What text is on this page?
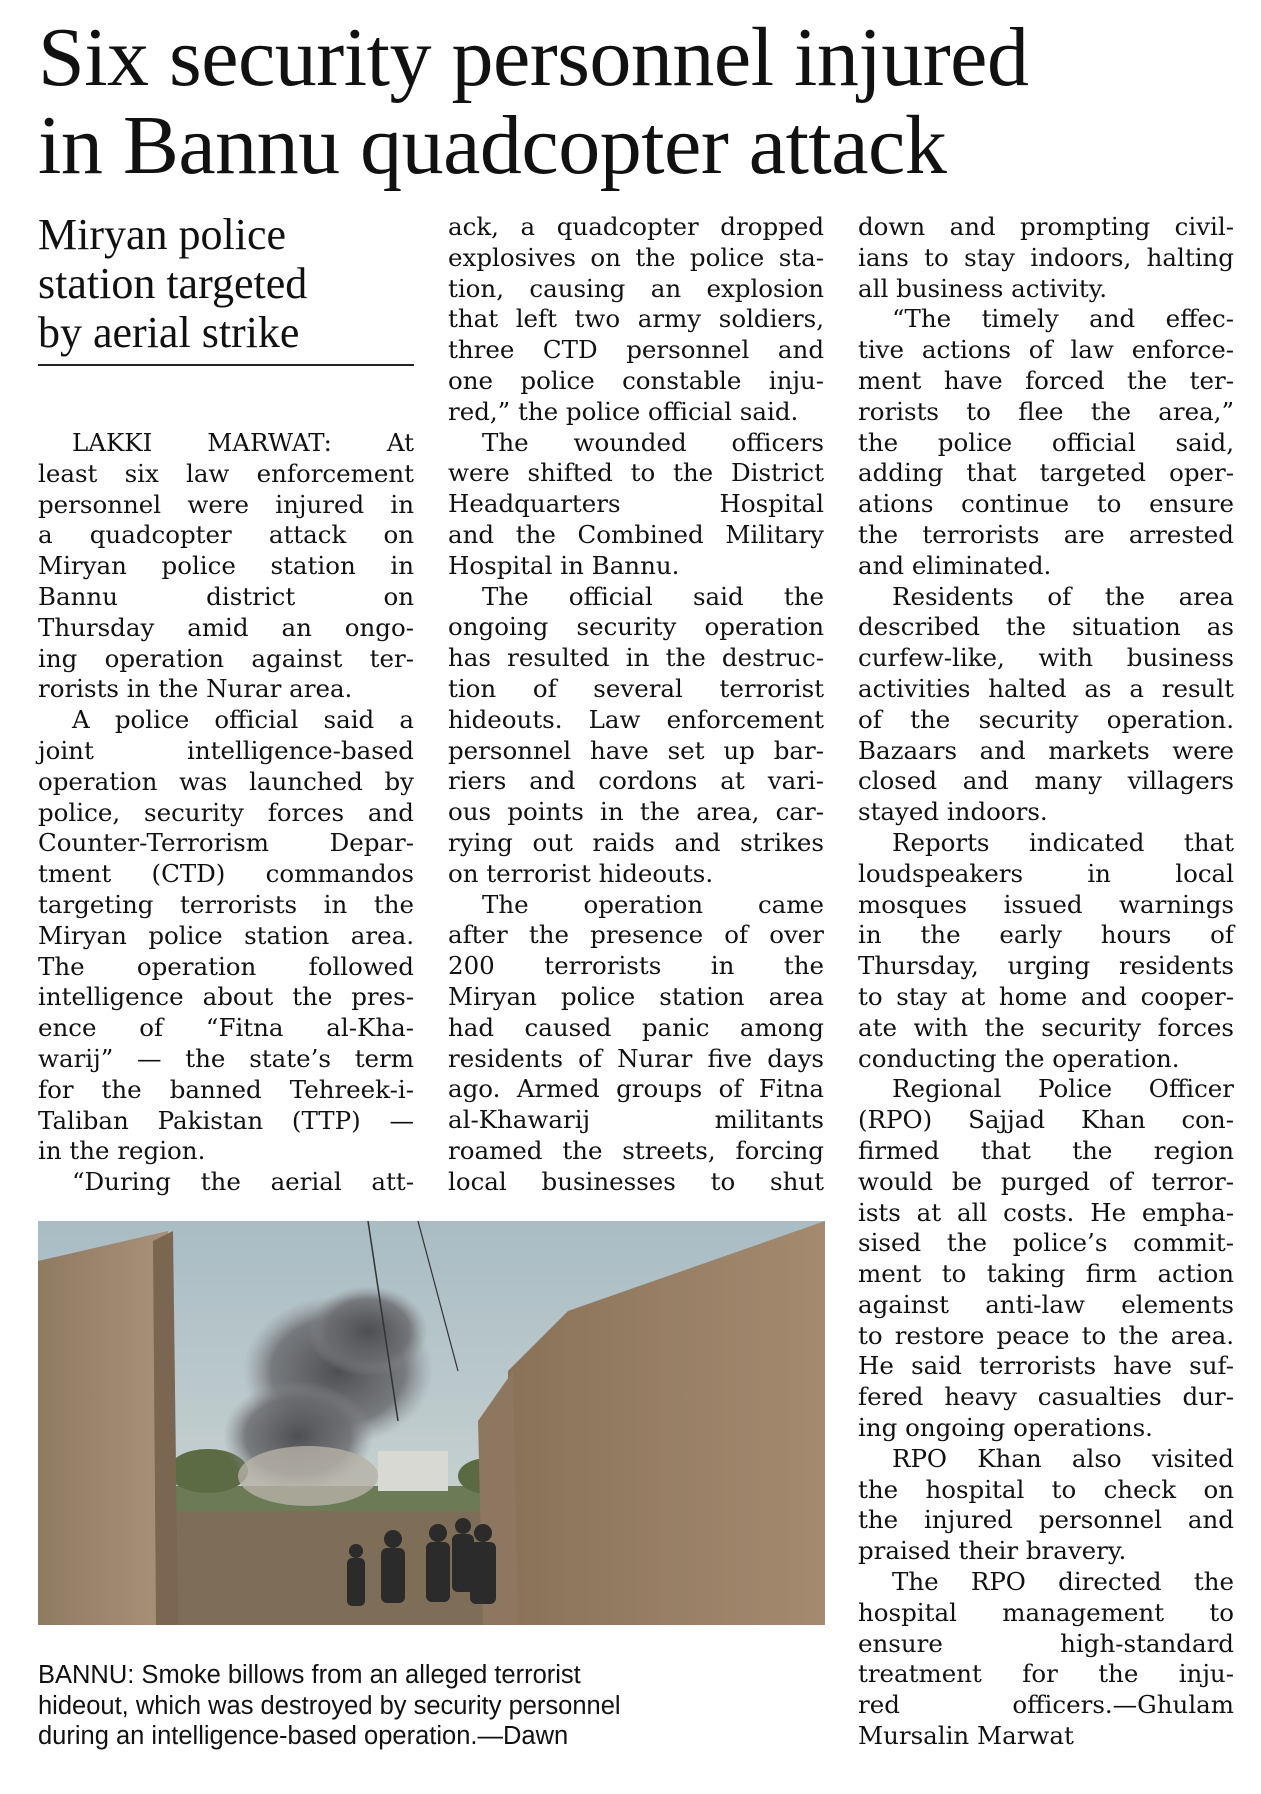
Six security personnel injured
in Bannu quadcopter attack
Miryan police
station targeted
by aerial strike
LAKKI MARWAT: At
least six law enforcement
personnel were injured in
a quadcopter attack on
Miryan police station in
Bannu district on
Thursday amid an ongo-
ing operation against ter-
rorists in the Nurar area.
A police official said a
joint intelligence-based
operation was launched by
police, security forces and
Counter-Terrorism Depar-
tment (CTD) commandos
targeting terrorists in the
Miryan police station area.
The operation followed
intelligence about the pres-
ence of “Fitna al-Kha-
warij” — the state’s term
for the banned Tehreek-i-
Taliban Pakistan (TTP) —
in the region.
“During the aerial att-
ack, a quadcopter dropped
explosives on the police sta-
tion, causing an explosion
that left two army soldiers,
three CTD personnel and
one police constable inju-
red,” the police official said.
The wounded officers
were shifted to the District
Headquarters Hospital
and the Combined Military
Hospital in Bannu.
The official said the
ongoing security operation
has resulted in the destruc-
tion of several terrorist
hideouts. Law enforcement
personnel have set up bar-
riers and cordons at vari-
ous points in the area, car-
rying out raids and strikes
on terrorist hideouts.
The operation came
after the presence of over
200 terrorists in the
Miryan police station area
had caused panic among
residents of Nurar five days
ago. Armed groups of Fitna
al-Khawarij militants
roamed the streets, forcing
local businesses to shut
down and prompting civil-
ians to stay indoors, halting
all business activity.
“The timely and effec-
tive actions of law enforce-
ment have forced the ter-
rorists to flee the area,”
the police official said,
adding that targeted oper-
ations continue to ensure
the terrorists are arrested
and eliminated.
Residents of the area
described the situation as
curfew-like, with business
activities halted as a result
of the security operation.
Bazaars and markets were
closed and many villagers
stayed indoors.
Reports indicated that
loudspeakers in local
mosques issued warnings
in the early hours of
Thursday, urging residents
to stay at home and cooper-
ate with the security forces
conducting the operation.
Regional Police Officer
(RPO) Sajjad Khan con-
firmed that the region
would be purged of terror-
ists at all costs. He empha-
sised the police’s commit-
ment to taking firm action
against anti-law elements
to restore peace to the area.
He said terrorists have suf-
fered heavy casualties dur-
ing ongoing operations.
RPO Khan also visited
the hospital to check on
the injured personnel and
praised their bravery.
The RPO directed the
hospital management to
ensure high-standard
treatment for the inju-
red officers.—Ghulam
Mursalin Marwat
BANNU: Smoke billows from an alleged terrorist
hideout, which was destroyed by security personnel
during an intelligence-based operation.—Dawn
